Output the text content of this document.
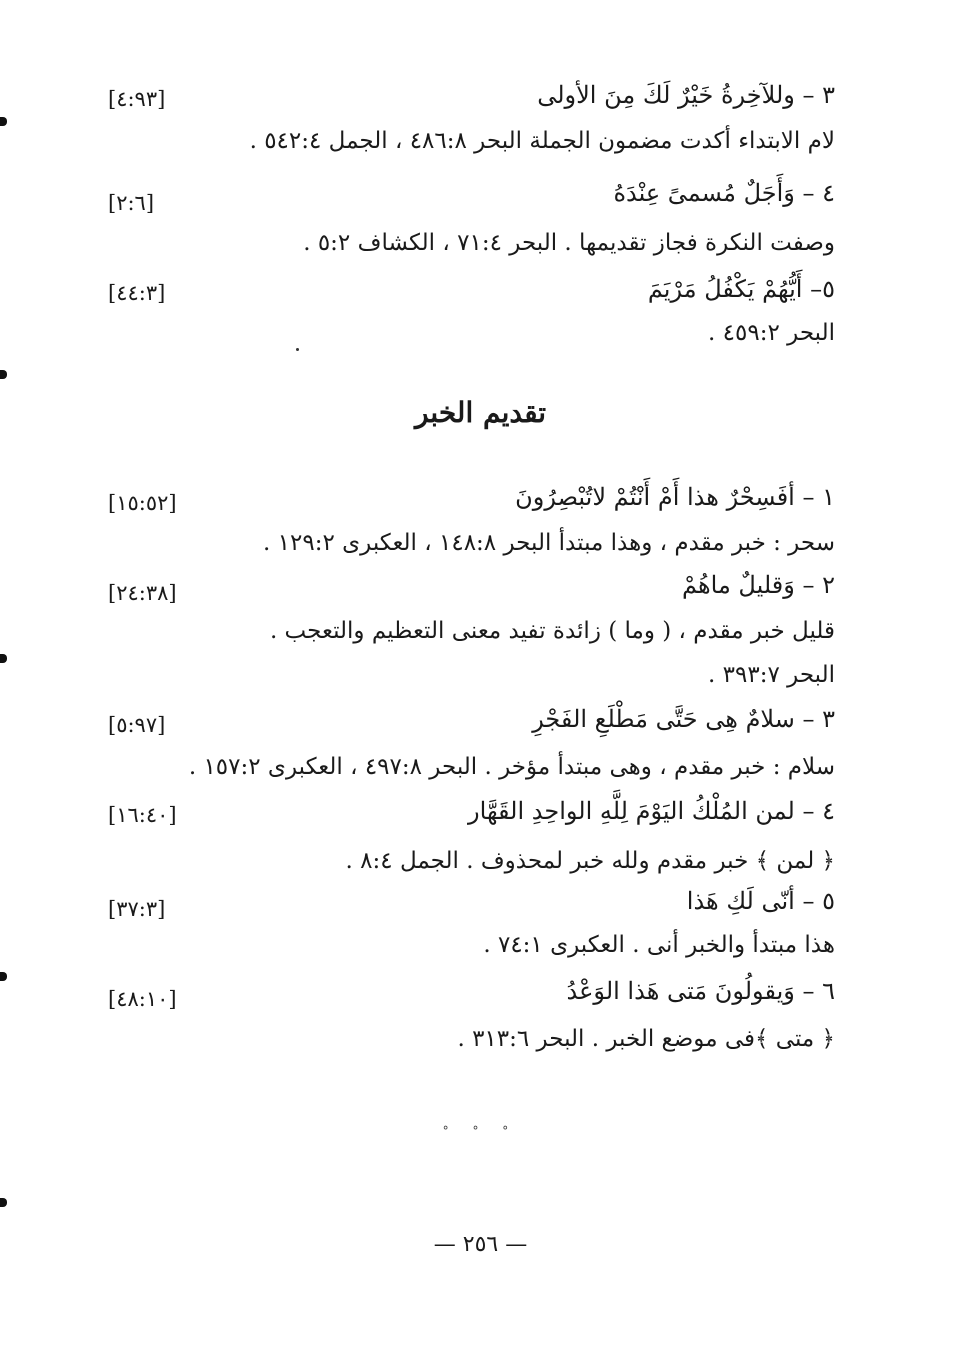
٣ – وللآخِرةُ خَيْرٌ لَكَ مِنَ الأولى
[٤:٩٣]
لام الابتداء أكدت مضمون الجملة البحر ٤٨٦:٨ ، الجمل ٥٤٢:٤ .
٤ – وَأَجَلٌ مُسمىً عِنْدَهُ
[٢:٦]
وصفت النكرة فجاز تقديمها . البحر ٧١:٤ ، الكشاف ٥:٢ .
٥– أَيُّهُمْ يَكْفُلُ مَرْيَمَ
[٤٤:٣]
البحر ٤٥٩:٢ .
تقديم الخبر
١ – أفَسِحْرٌ هذا أَمْ أَنْتُمْ لاتُبْصِرُونَ
[١٥:٥٢]
سحر : خبر مقدم ، وهذا مبتدأ البحر ١٤٨:٨ ، العكبرى ١٢٩:٢ .
٢ – وَقليلٌ ماهُمْ
[٢٤:٣٨]
قليل خبر مقدم ، ( وما ) زائدة تفيد معنى التعظيم والتعجب .
البحر ٣٩٣:٧ .
٣ – سلامٌ هِى حَتَّى مَطْلَعِ الفَجْرِ
[٥:٩٧]
سلام : خبر مقدم ، وهى مبتدأ مؤخر . البحر ٤٩٧:٨ ، العكبرى ١٥٧:٢ .
٤ – لمن المُلْكُ اليَوْمَ لِلَّهِ الواحِدِ القَهَّار
[١٦:٤٠]
﴿ لمن ﴾ خبر مقدم ولله خبر لمحذوف . الجمل ٨:٤ .
٥ – أنّى لَكِ هَذا
[٣٧:٣]
هذا مبتدأ والخبر أنى . العكبرى ٧٤:١ .
٦ – وَيقولُونَ مَتى هَذا الوَعْدُ
[٤٨:١٠]
﴿ متى ﴾فى موضع الخبر . البحر ٣١٣:٦ .
° ° °
— ٢٥٦ —
